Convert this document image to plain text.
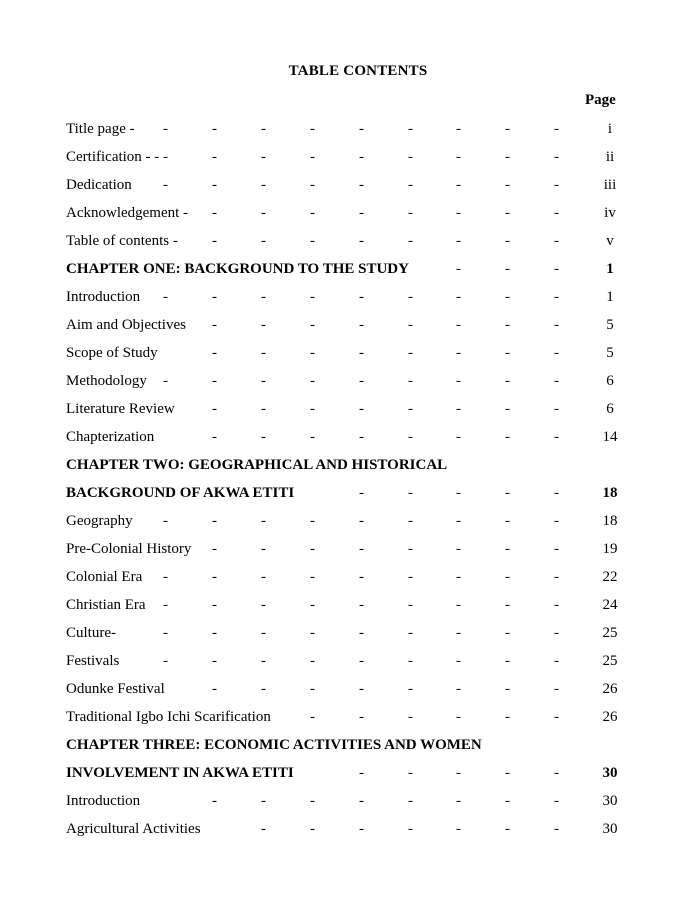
TABLE CONTENTS
Page
Title page - -	-	-	-	-	-	-	-	-	i
Certification - - -	-	-	-	-	-	-	-	-	ii
Dedication -	-	-	-	-	-	-	-	-	iii
Acknowledgement - -	-	-	-	-	-	-	-	iv
Table of contents - -	-	-	-	-	-	-	-	v
CHAPTER ONE: BACKGROUND TO THE STUDY	-	-	-	1
Introduction -	-	-	-	-	-	-	-	-	1
Aim and Objectives -	-	-	-	-	-	-	-	5
Scope of Study	-	-	-	-	-	-	-	-	5
Methodology -	-	-	-	-	-	-	-	-	6
Literature Review -	-	-	-	-	-	-	-	6
Chapterization	-	-	-	-	-	-	-	-	14
CHAPTER TWO: GEOGRAPHICAL AND HISTORICAL
BACKGROUND OF AKWA ETITI	-	-	-	-	-	18
Geography -	-	-	-	-	-	-	-	-	18
Pre-Colonial History -	-	-	-	-	-	-	-	19
Colonial Era -	-	-	-	-	-	-	-	-	22
Christian Era -	-	-	-	-	-	-	-	-	24
Culture-	-	-	-	-	-	-	-	-	-	25
Festivals	-	-	-	-	-	-	-	-	-	25
Odunke Festival	-	-	-	-	-	-	-	-	26
Traditional Igbo Ichi Scarification	-	-	-	-	-	-	26
CHAPTER THREE: ECONOMIC ACTIVITIES AND WOMEN
INVOLVEMENT IN AKWA ETITI	-	-	-	-	-	30
Introduction	-	-	-	-	-	-	-	-	30
Agricultural Activities	-	-	-	-	-	-	-	30
